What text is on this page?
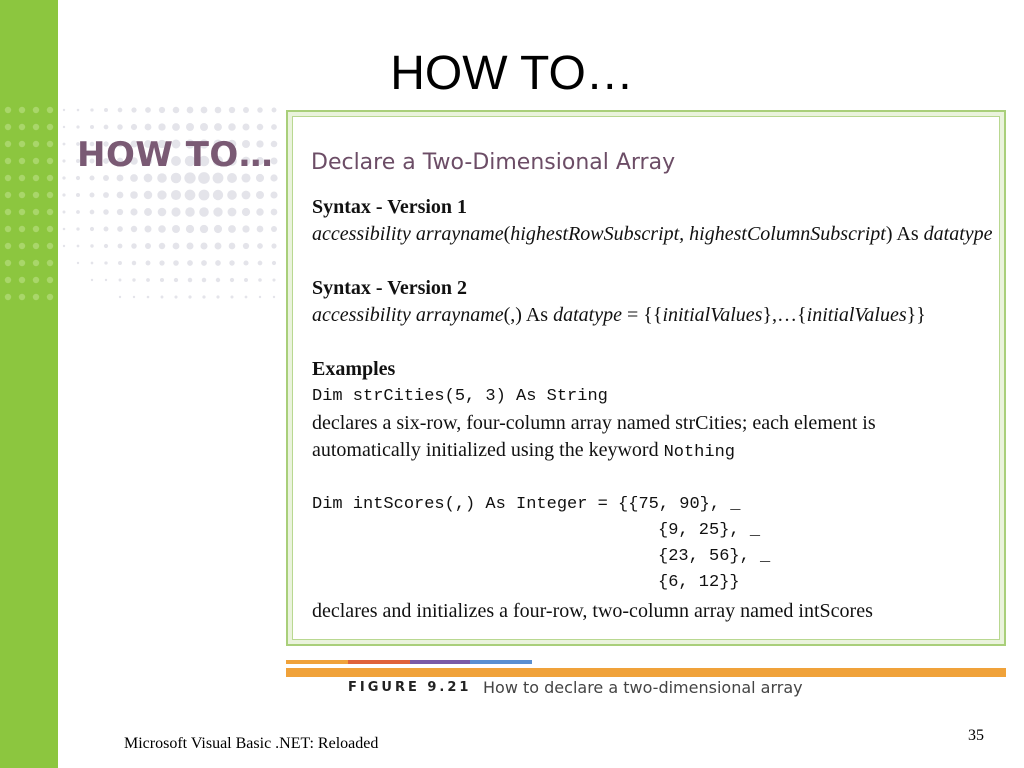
HOW TO…
HOW TO… Declare a Two-Dimensional Array
Syntax - Version 1
accessibility arrayname(highestRowSubscript, highestColumnSubscript) As datatype
Syntax - Version 2
accessibility arrayname(,) As datatype = {{initialValues},…{initialValues}}
Examples
Dim strCities(5, 3) As String
declares a six-row, four-column array named strCities; each element is
automatically initialized using the keyword Nothing
Dim intScores(,) As Integer = {{75, 90}, _
{9, 25}, _
{23, 56}, _
{6, 12}}
declares and initializes a four-row, two-column array named intScores
FIGURE 9.21 How to declare a two-dimensional array
Microsoft Visual Basic .NET: Reloaded	35
